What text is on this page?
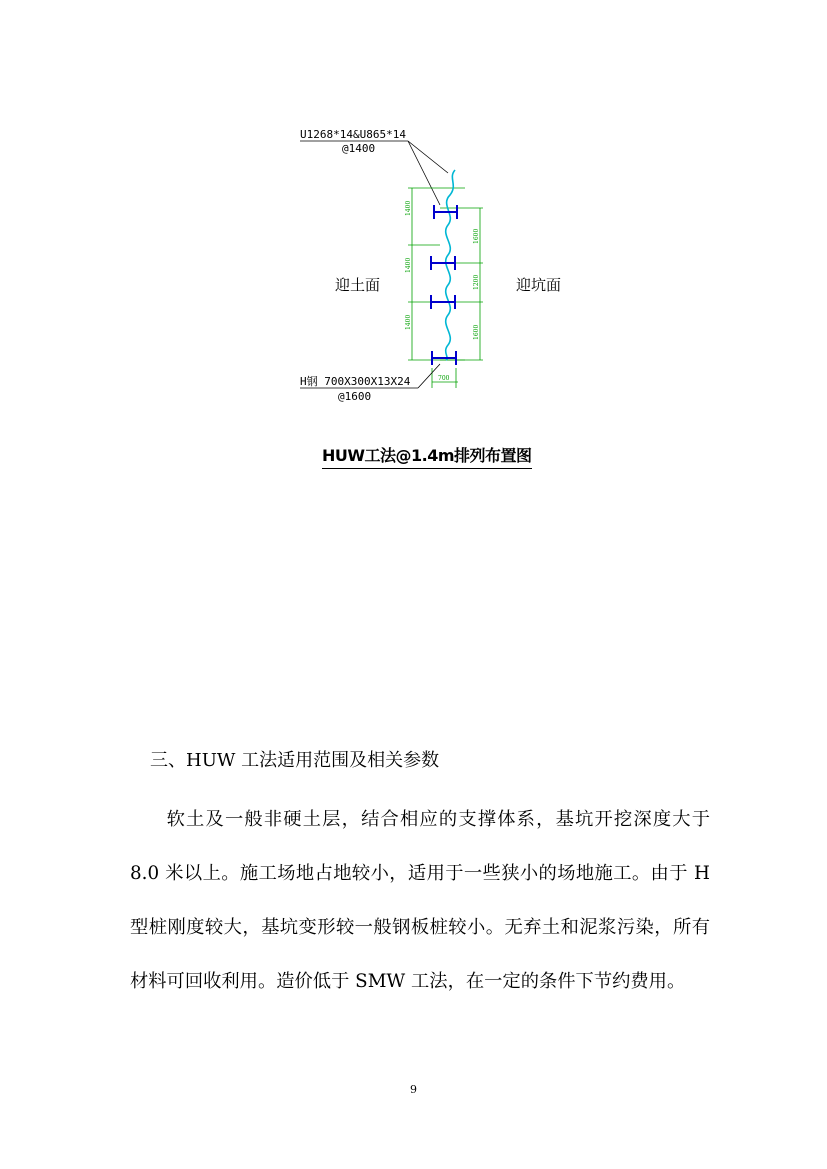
U1268*14&U865*14
@1400
1400
1400
1400
1600
1200
1600
700
迎土面	迎坑面
H钢 700X300X13X24
@1600
HUW工法@1.4m排列布置图
三、HUW 工法适用范围及相关参数

软土及一般非硬土层，结合相应的支撑体系，基坑开挖深度大于 8.0 米以上。施工场地占地较小，适用于一些狭小的场地施工。由于 H 型桩刚度较大，基坑变形较一般钢板桩较小。无弃土和泥浆污染，所有材料可回收利用。造价低于 SMW 工法，在一定的条件下节约费用。

9
